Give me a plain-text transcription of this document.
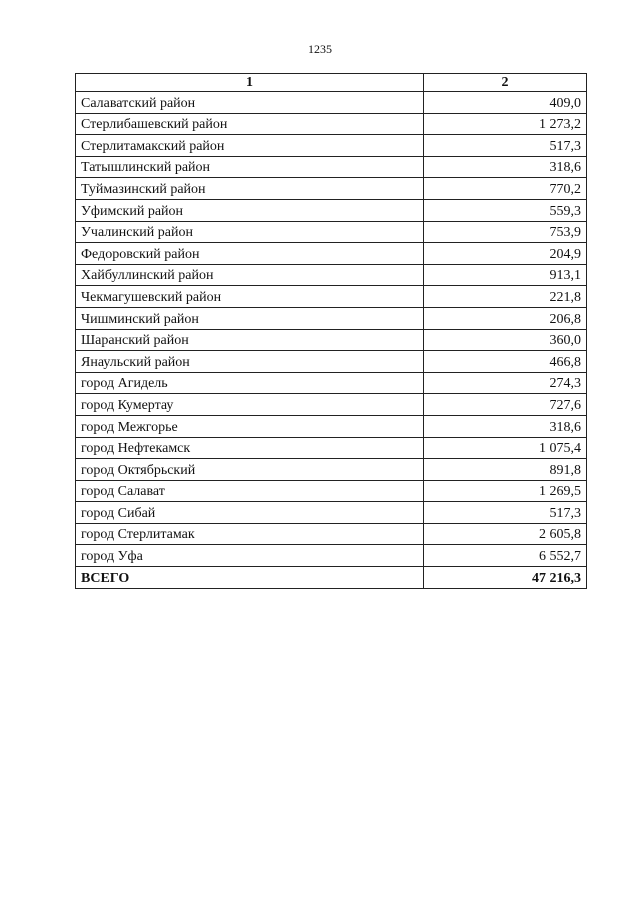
1235
1	2
Салаватский район	409,0
Стерлибашевский район	1 273,2
Стерлитамакский район	517,3
Татышлинский район	318,6
Туймазинский район	770,2
Уфимский район	559,3
Учалинский район	753,9
Федоровский район	204,9
Хайбуллинский район	913,1
Чекмагушевский район	221,8
Чишминский район	206,8
Шаранский район	360,0
Янаульский район	466,8
город Агидель	274,3
город Кумертау	727,6
город Межгорье	318,6
город Нефтекамск	1 075,4
город Октябрьский	891,8
город Салават	1 269,5
город Сибай	517,3
город Стерлитамак	2 605,8
город Уфа	6 552,7
ВСЕГО	47 216,3
